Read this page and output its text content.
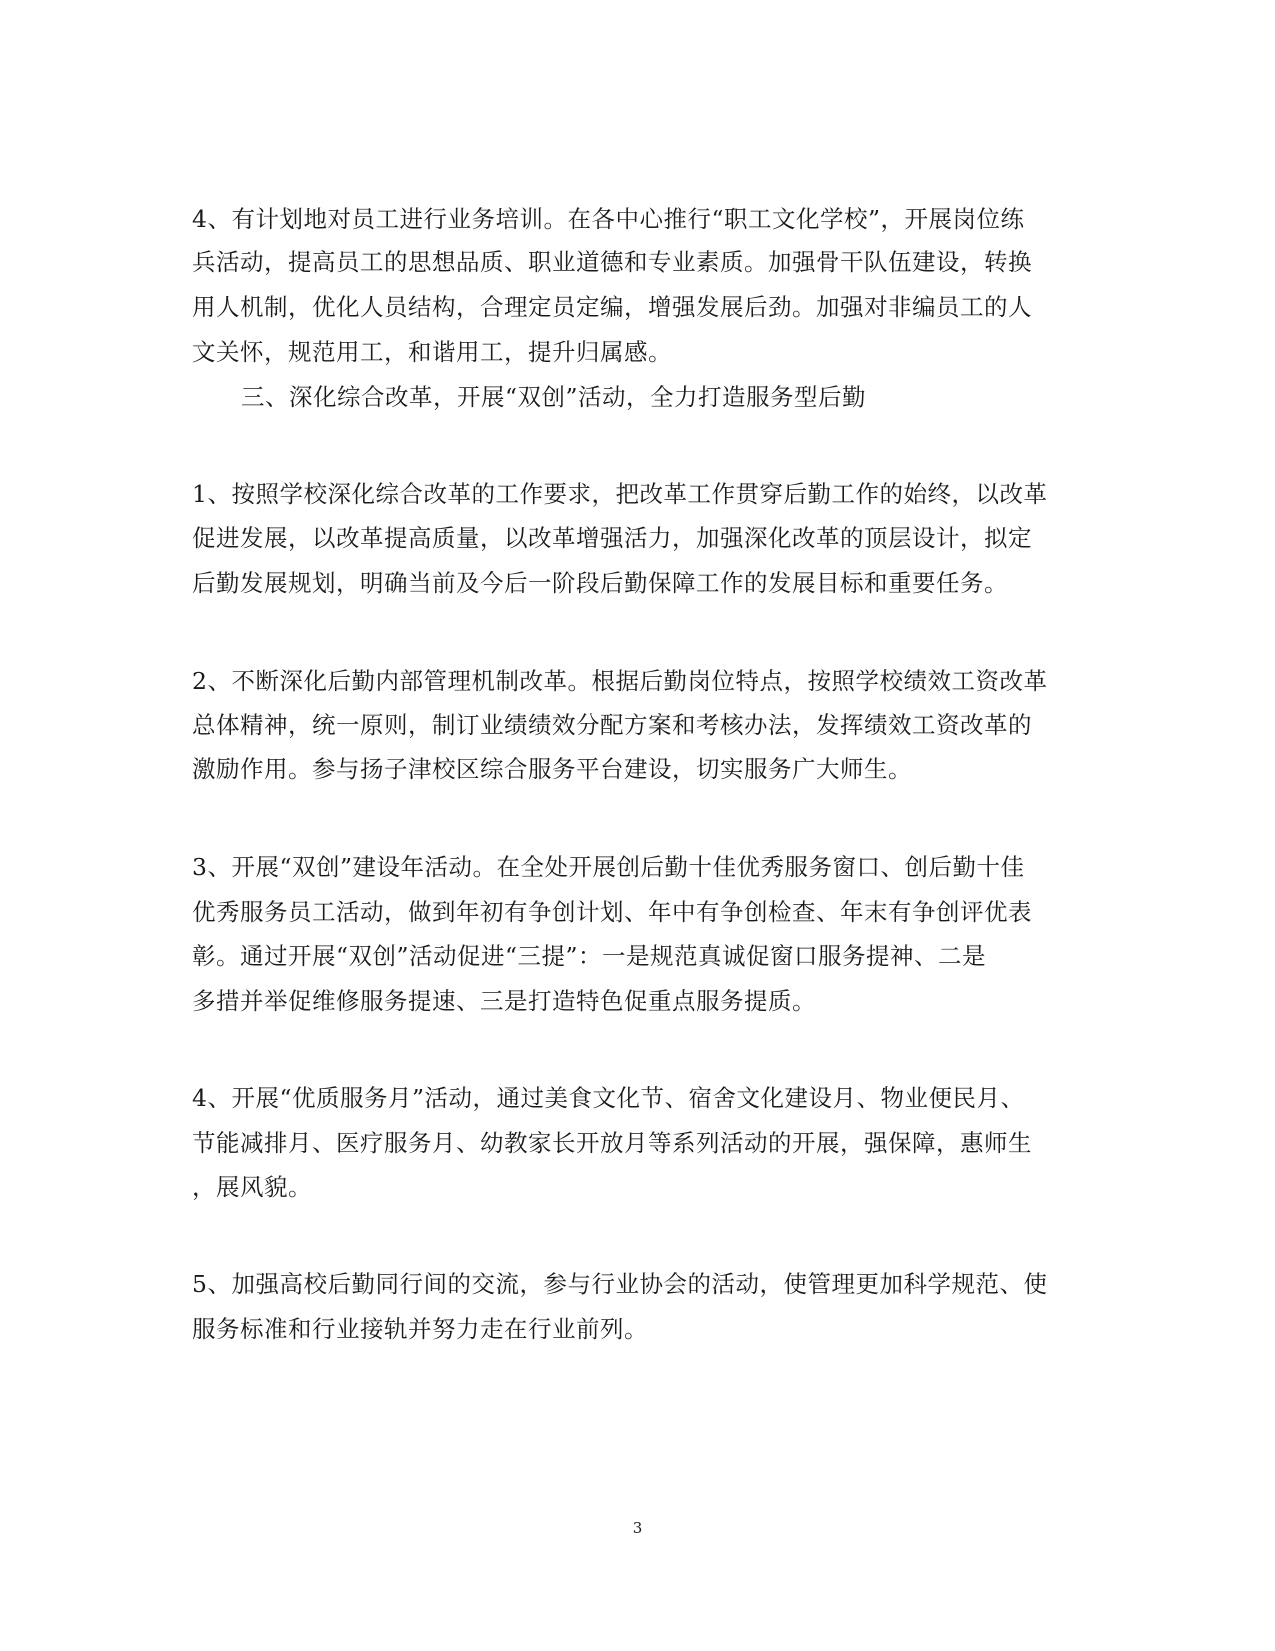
4、有计划地对员工进行业务培训。在各中心推行“职工文化学校”，开展岗位练
兵活动，提高员工的思想品质、职业道德和专业素质。加强骨干队伍建设，转换
用人机制，优化人员结构，合理定员定编，增强发展后劲。加强对非编员工的人
文关怀，规范用工，和谐用工，提升归属感。
三、深化综合改革，开展“双创”活动，全力打造服务型后勤
1、按照学校深化综合改革的工作要求，把改革工作贯穿后勤工作的始终，以改革
促进发展，以改革提高质量，以改革增强活力，加强深化改革的顶层设计，拟定
后勤发展规划，明确当前及今后一阶段后勤保障工作的发展目标和重要任务。
2、不断深化后勤内部管理机制改革。根据后勤岗位特点，按照学校绩效工资改革
总体精神，统一原则，制订业绩绩效分配方案和考核办法，发挥绩效工资改革的
激励作用。参与扬子津校区综合服务平台建设，切实服务广大师生。
3、开展“双创”建设年活动。在全处开展创后勤十佳优秀服务窗口、创后勤十佳
优秀服务员工活动，做到年初有争创计划、年中有争创检查、年末有争创评优表
彰。通过开展“双创”活动促进“三提”：一是规范真诚促窗口服务提神、二是
多措并举促维修服务提速、三是打造特色促重点服务提质。
4、开展“优质服务月”活动，通过美食文化节、宿舍文化建设月、物业便民月、
节能减排月、医疗服务月、幼教家长开放月等系列活动的开展，强保障，惠师生
，展风貌。
5、加强高校后勤同行间的交流，参与行业协会的活动，使管理更加科学规范、使
服务标准和行业接轨并努力走在行业前列。
3
